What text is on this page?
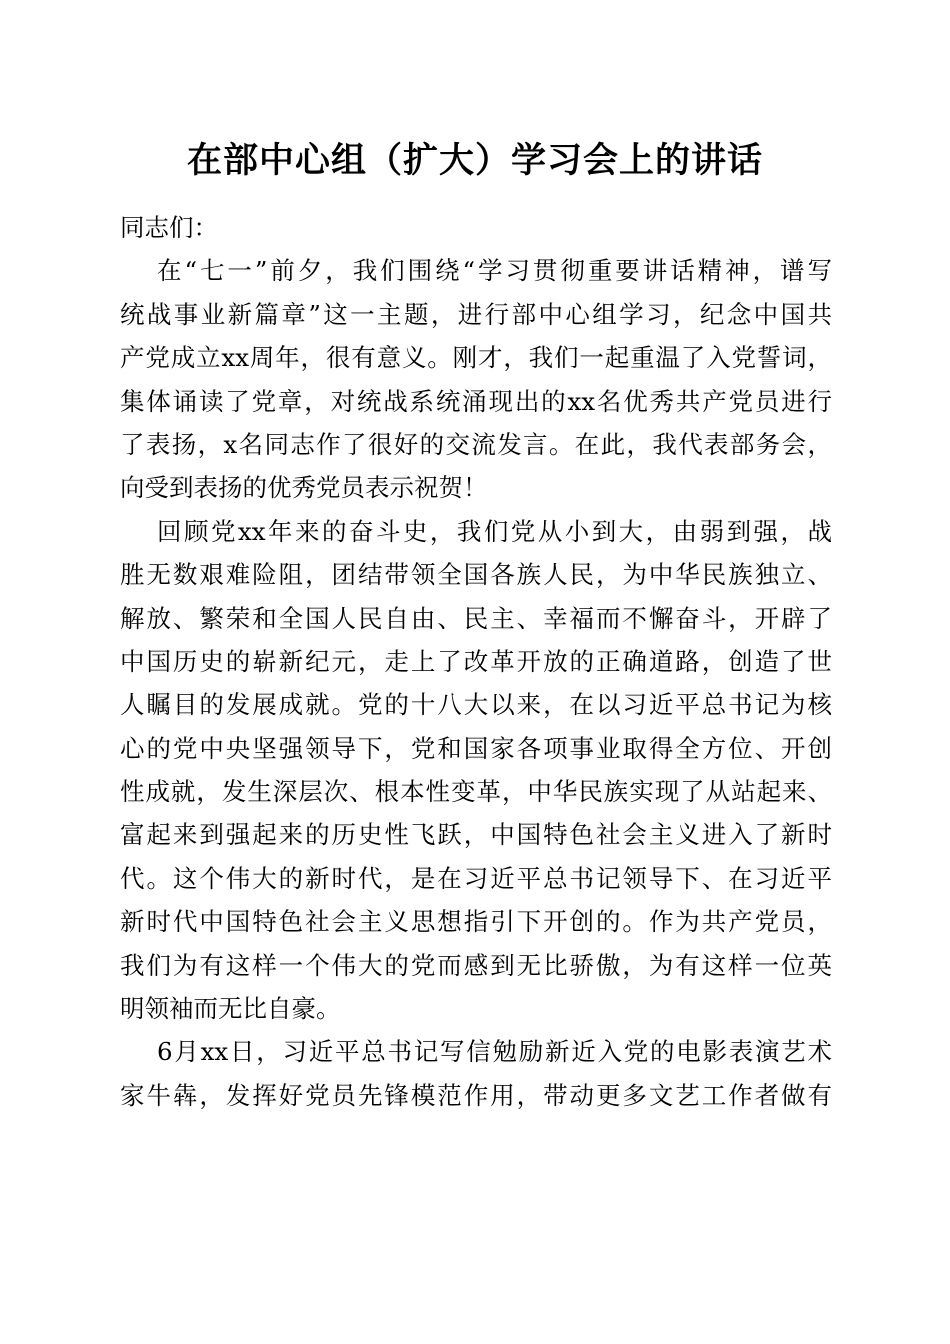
在部中心组（扩大）学习会上的讲话
同志们：
在“七一”前夕，我们围绕“学习贯彻重要讲话精神，谱写
统战事业新篇章”这一主题，进行部中心组学习，纪念中国共
产党成立xx周年，很有意义。刚才，我们一起重温了入党誓词，
集体诵读了党章，对统战系统涌现出的xx名优秀共产党员进行
了表扬，x名同志作了很好的交流发言。在此，我代表部务会，
向受到表扬的优秀党员表示祝贺！
回顾党xx年来的奋斗史，我们党从小到大，由弱到强，战
胜无数艰难险阻，团结带领全国各族人民，为中华民族独立、
解放、繁荣和全国人民自由、民主、幸福而不懈奋斗，开辟了
中国历史的崭新纪元，走上了改革开放的正确道路，创造了世
人瞩目的发展成就。党的十八大以来，在以习近平总书记为核
心的党中央坚强领导下，党和国家各项事业取得全方位、开创
性成就，发生深层次、根本性变革，中华民族实现了从站起来、
富起来到强起来的历史性飞跃，中国特色社会主义进入了新时
代。这个伟大的新时代，是在习近平总书记领导下、在习近平
新时代中国特色社会主义思想指引下开创的。作为共产党员，
我们为有这样一个伟大的党而感到无比骄傲，为有这样一位英
明领袖而无比自豪。
6月xx日，习近平总书记写信勉励新近入党的电影表演艺术
家牛犇，发挥好党员先锋模范作用，带动更多文艺工作者做有
